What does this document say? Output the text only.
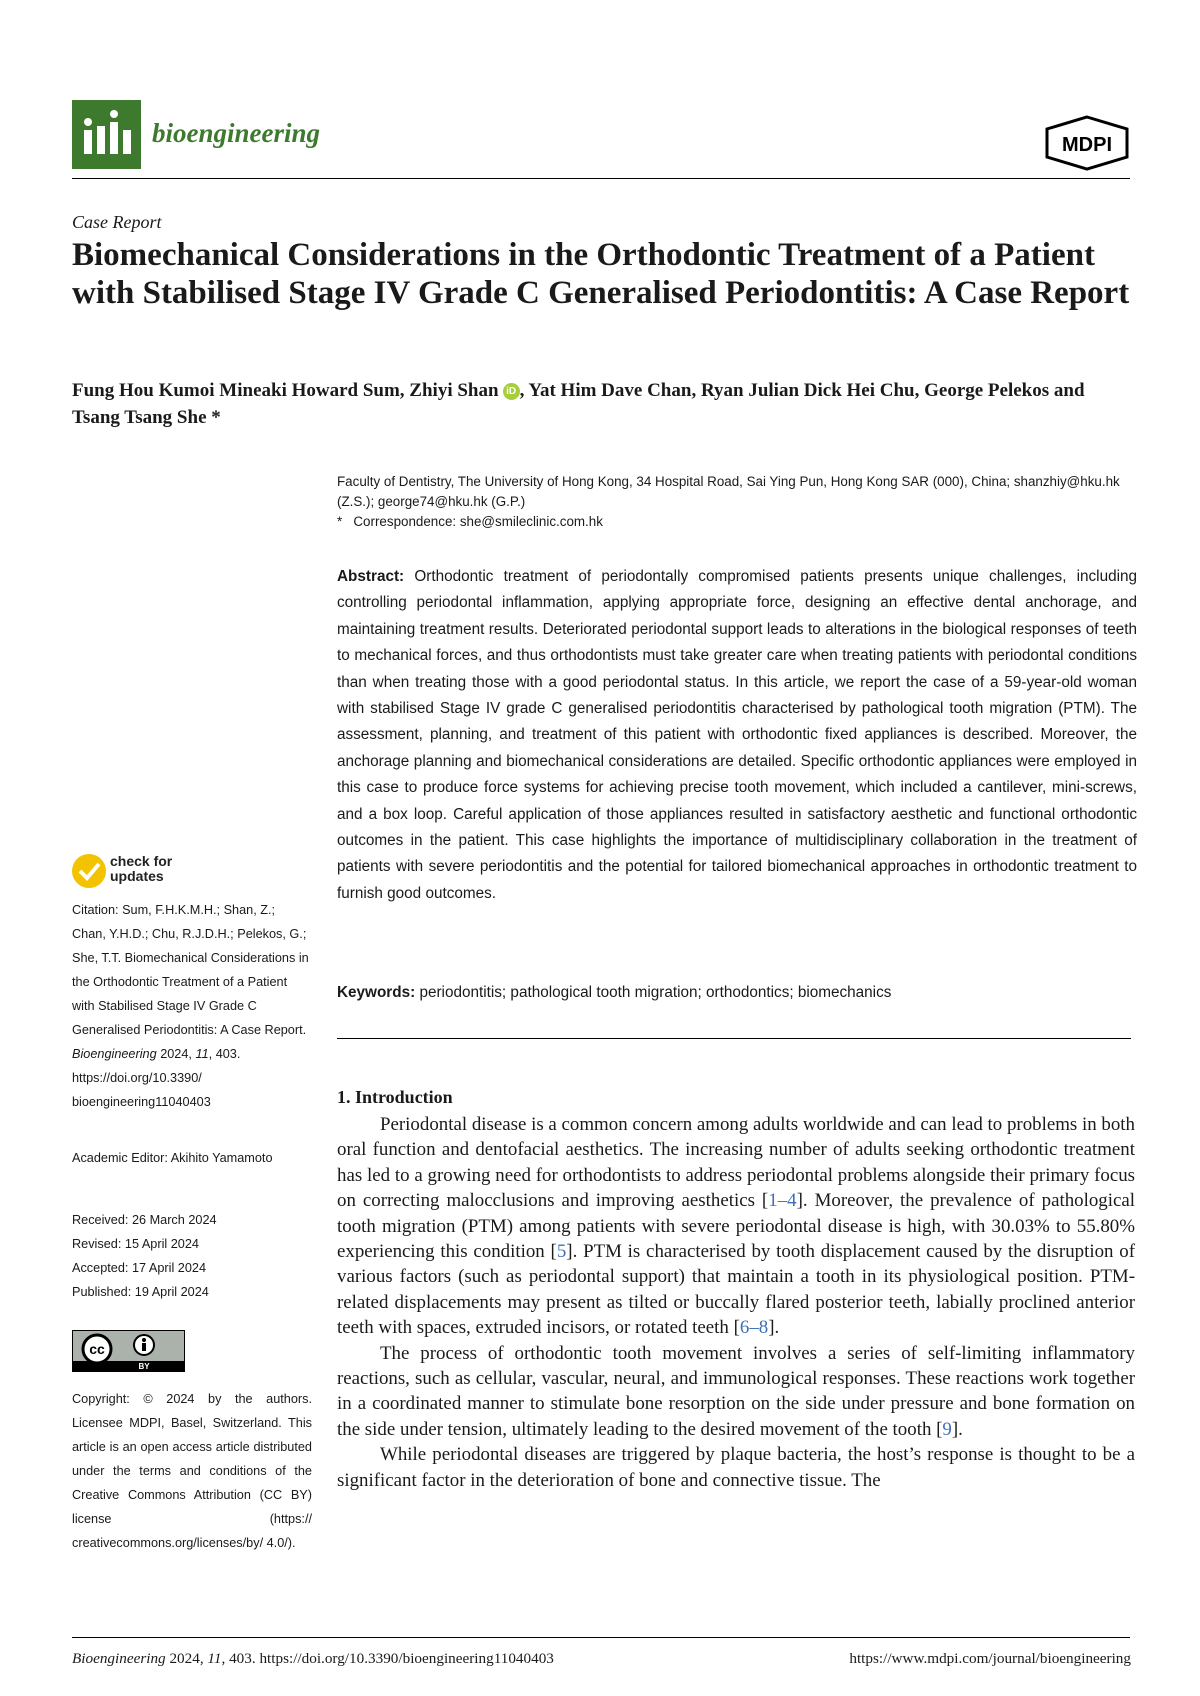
bioengineering	MDPI
Case Report
Biomechanical Considerations in the Orthodontic Treatment of a Patient with Stabilised Stage IV Grade C Generalised Periodontitis: A Case Report
Fung Hou Kumoi Mineaki Howard Sum, Zhiyi Shan iD , Yat Him Dave Chan, Ryan Julian Dick Hei Chu, George Pelekos and Tsang Tsang She *
Faculty of Dentistry, The University of Hong Kong, 34 Hospital Road, Sai Ying Pun, Hong Kong SAR (000), China; shanzhiy@hku.hk (Z.S.); george74@hku.hk (G.P.)
* Correspondence: she@smileclinic.com.hk
Abstract: Orthodontic treatment of periodontally compromised patients presents unique challenges, including controlling periodontal inflammation, applying appropriate force, designing an effective dental anchorage, and maintaining treatment results. Deteriorated periodontal support leads to alterations in the biological responses of teeth to mechanical forces, and thus orthodontists must take greater care when treating patients with periodontal conditions than when treating those with a good periodontal status. In this article, we report the case of a 59-year-old woman with stabilised Stage IV grade C generalised periodontitis characterised by pathological tooth migration (PTM). The assessment, planning, and treatment of this patient with orthodontic fixed appliances is described. Moreover, the anchorage planning and biomechanical considerations are detailed. Specific orthodontic appliances were employed in this case to produce force systems for achieving precise tooth movement, which included a cantilever, mini-screws, and a box loop. Careful application of those appliances resulted in satisfactory aesthetic and functional orthodontic outcomes in the patient. This case highlights the importance of multidisciplinary collaboration in the treatment of patients with severe periodontitis and the potential for tailored biomechanical approaches in orthodontic treatment to furnish good outcomes.
Keywords: periodontitis; pathological tooth migration; orthodontics; biomechanics
1. Introduction

Periodontal disease is a common concern among adults worldwide and can lead to problems in both oral function and dentofacial aesthetics. The increasing number of adults seeking orthodontic treatment has led to a growing need for orthodontists to address periodontal problems alongside their primary focus on correcting malocclusions and improving aesthetics [1–4]. Moreover, the prevalence of pathological tooth migration (PTM) among patients with severe periodontal disease is high, with 30.03% to 55.80% experiencing this condition [5]. PTM is characterised by tooth displacement caused by the disruption of various factors (such as periodontal support) that maintain a tooth in its physiological position. PTM-related displacements may present as tilted or buccally flared posterior teeth, labially proclined anterior teeth with spaces, extruded incisors, or rotated teeth [6–8].

The process of orthodontic tooth movement involves a series of self-limiting inflammatory reactions, such as cellular, vascular, neural, and immunological responses. These reactions work together in a coordinated manner to stimulate bone resorption on the side under pressure and bone formation on the side under tension, ultimately leading to the desired movement of the tooth [9].

While periodontal diseases are triggered by plaque bacteria, the host’s response is thought to be a significant factor in the deterioration of bone and connective tissue. The

check for
updates
Citation: Sum, F.H.K.M.H.; Shan, Z.; Chan, Y.H.D.; Chu, R.J.D.H.; Pelekos, G.; She, T.T. Biomechanical Considerations in the Orthodontic Treatment of a Patient with Stabilised Stage IV Grade C Generalised Periodontitis: A Case Report. Bioengineering 2024, 11, 403. https://doi.org/10.3390/ bioengineering11040403
Academic Editor: Akihito Yamamoto
Received: 26 March 2024
Revised: 15 April 2024
Accepted: 17 April 2024
Published: 19 April 2024
cc
BY
Copyright: © 2024 by the authors. Licensee MDPI, Basel, Switzerland. This article is an open access article distributed under the terms and conditions of the Creative Commons Attribution (CC BY) license (https:// creativecommons.org/licenses/by/ 4.0/).
Bioengineering 2024, 11, 403. https://doi.org/10.3390/bioengineering11040403	https://www.mdpi.com/journal/bioengineering
